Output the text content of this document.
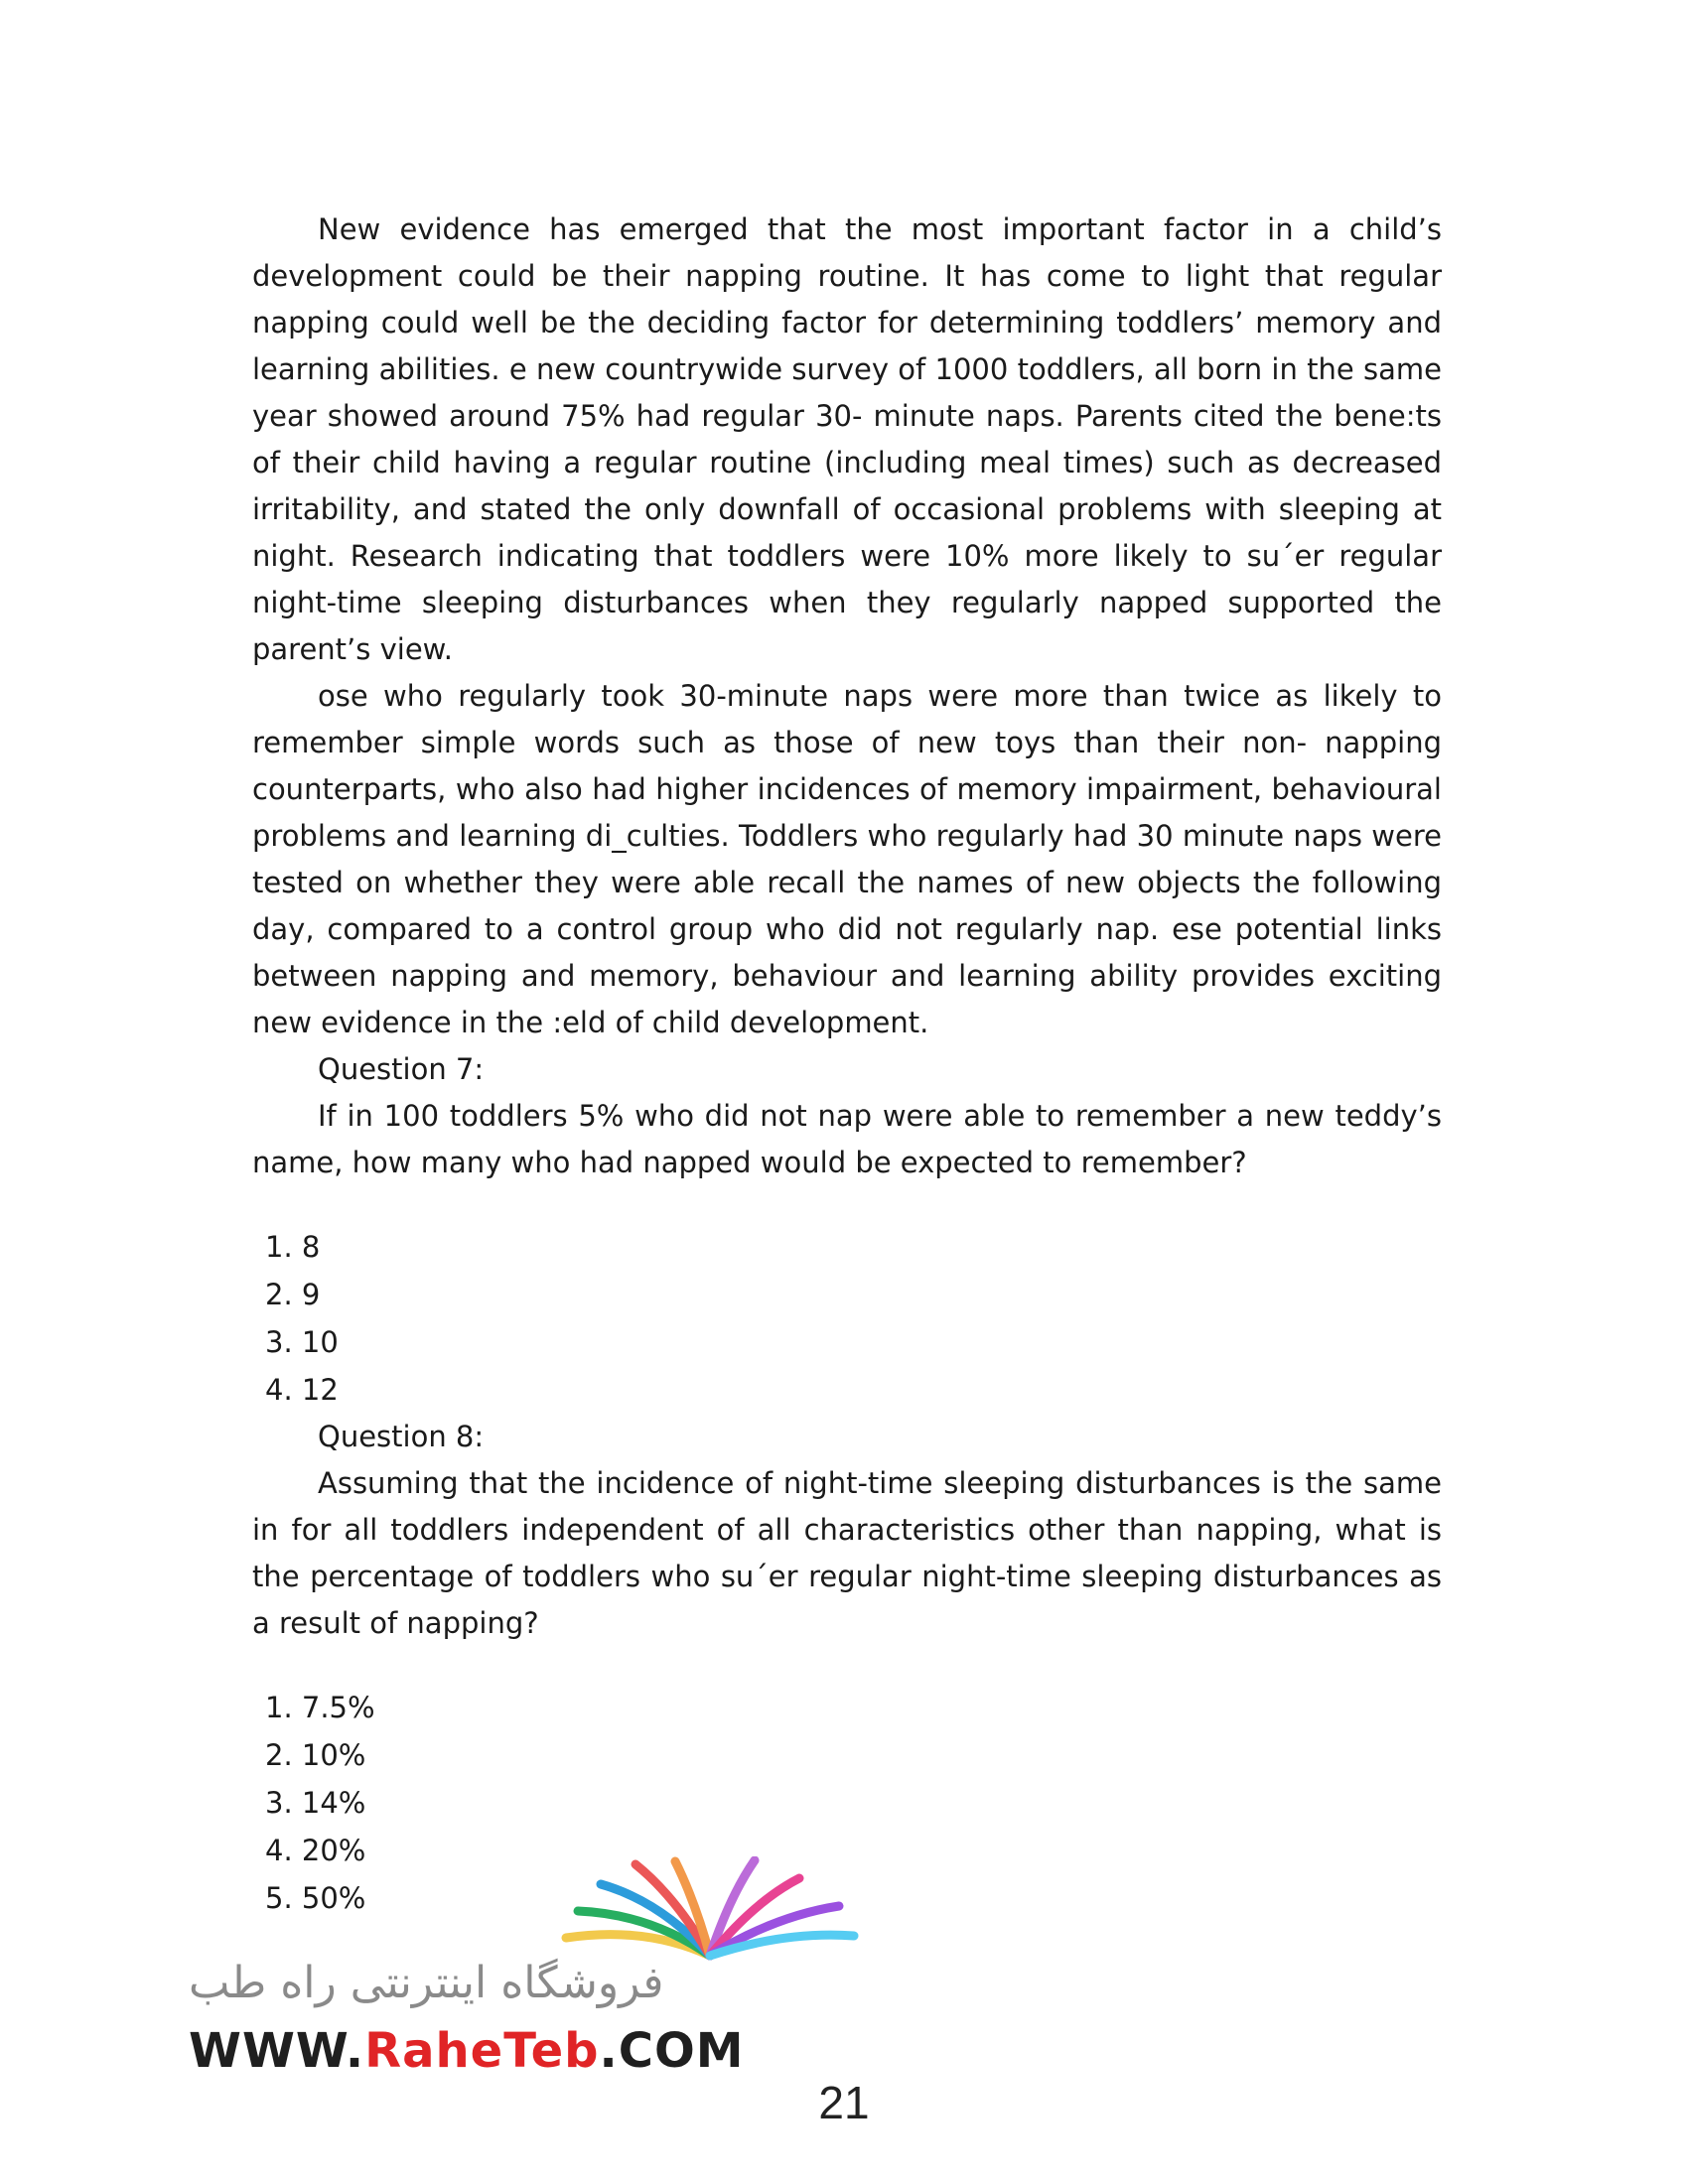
New evidence has emerged that the most important factor in a child’s development could be their napping routine. It has come to light that regular napping could well be the deciding factor for determining toddlers’ memory and learning abilities. e new countrywide survey of 1000 toddlers, all born in the same year showed around 75% had regular 30- minute naps. Parents cited the bene:ts of their child having a regular routine (including meal times) such as decreased irritability, and stated the only downfall of occasional problems with sleeping at night. Research indicating that toddlers were 10% more likely to su´er regular night-time sleeping disturbances when they regularly napped supported the parent’s view.

ose who regularly took 30-minute naps were more than twice as likely to remember simple words such as those of new toys than their non- napping counterparts, who also had higher incidences of memory impairment, behavioural problems and learning di_culties. Toddlers who regularly had 30 minute naps were tested on whether they were able recall the names of new objects the following day, compared to a control group who did not regularly nap. ese potential links between napping and memory, behaviour and learning ability provides exciting new evidence in the :eld of child development.

Question 7:

If in 100 toddlers 5% who did not nap were able to remember a new teddy’s name, how many who had napped would be expected to remember?

1. 8
2. 9
3. 10
4. 12

Question 8:

Assuming that the incidence of night-time sleeping disturbances is the same in for all toddlers independent of all characteristics other than napping, what is the percentage of toddlers who su´er regular night-time sleeping disturbances as a result of napping?

1. 7.5%
2. 10%
3. 14%
4. 20%
5. 50%
فروشگاه اینترنتی راه طب
WWW.RaheTeb.COM
21
